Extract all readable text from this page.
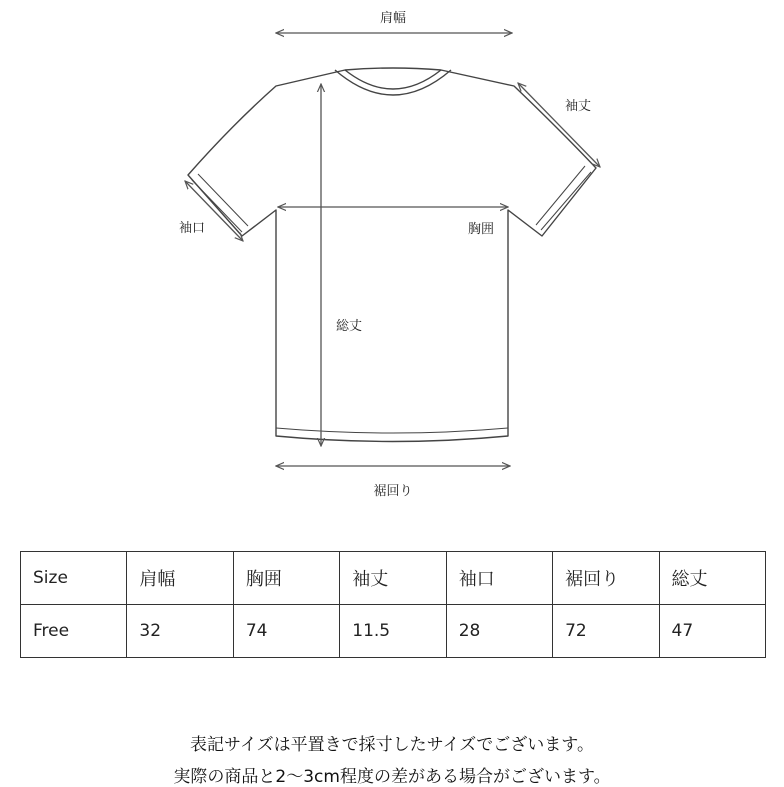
肩幅
袖丈
袖口	胸囲
総丈
裾回り
Size	肩幅	胸囲	袖丈	袖口	裾回り	総丈
Free	32	74	11.5	28	72	47
表記サイズは平置きで採寸したサイズでございます。
実際の商品と2〜3cm程度の差がある場合がございます。
